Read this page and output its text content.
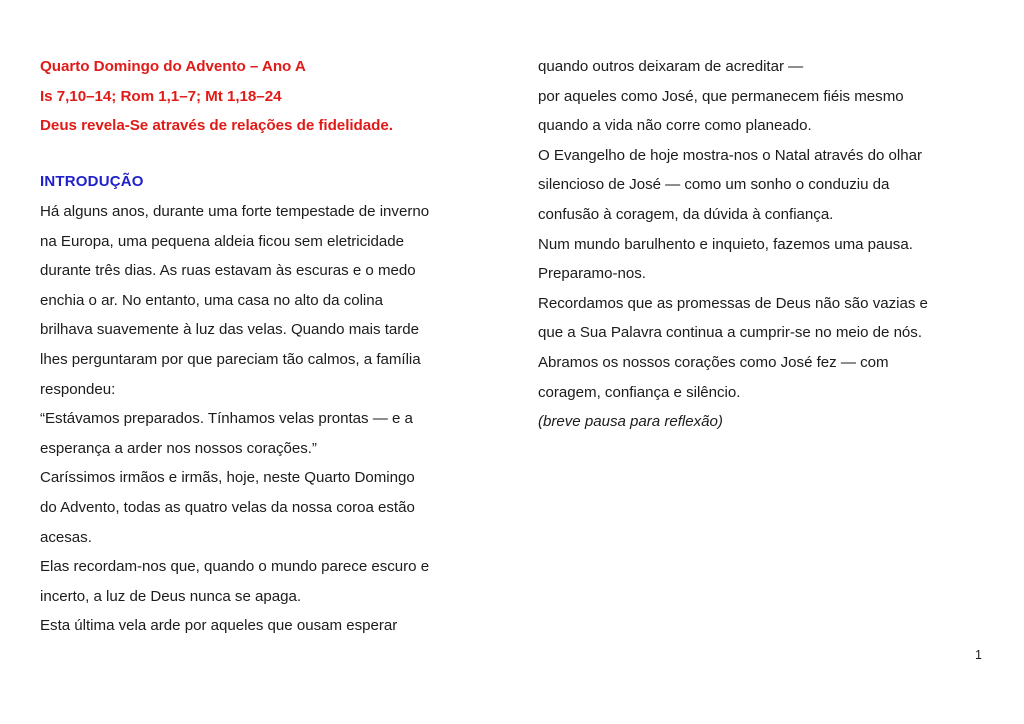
Quarto Domingo do Advento – Ano A
Is 7,10–14; Rom 1,1–7; Mt 1,18–24
Deus revela-Se através de relações de fidelidade.
INTRODUÇÃO
Há alguns anos, durante uma forte tempestade de inverno
na Europa, uma pequena aldeia ficou sem eletricidade
durante três dias. As ruas estavam às escuras e o medo
enchia o ar. No entanto, uma casa no alto da colina
brilhava suavemente à luz das velas. Quando mais tarde
lhes perguntaram por que pareciam tão calmos, a família
respondeu:
“Estávamos preparados. Tínhamos velas prontas — e a
esperança a arder nos nossos corações.”
Caríssimos irmãos e irmãs, hoje, neste Quarto Domingo
do Advento, todas as quatro velas da nossa coroa estão
acesas.
Elas recordam-nos que, quando o mundo parece escuro e
incerto, a luz de Deus nunca se apaga.
Esta última vela arde por aqueles que ousam esperar
quando outros deixaram de acreditar —
por aqueles como José, que permanecem fiéis mesmo
quando a vida não corre como planeado.
O Evangelho de hoje mostra-nos o Natal através do olhar
silencioso de José — como um sonho o conduziu da
confusão à coragem, da dúvida à confiança.
Num mundo barulhento e inquieto, fazemos uma pausa.
Preparamo-nos.
Recordamos que as promessas de Deus não são vazias e
que a Sua Palavra continua a cumprir-se no meio de nós.
Abramos os nossos corações como José fez — com
coragem, confiança e silêncio.
(breve pausa para reflexão)
1
